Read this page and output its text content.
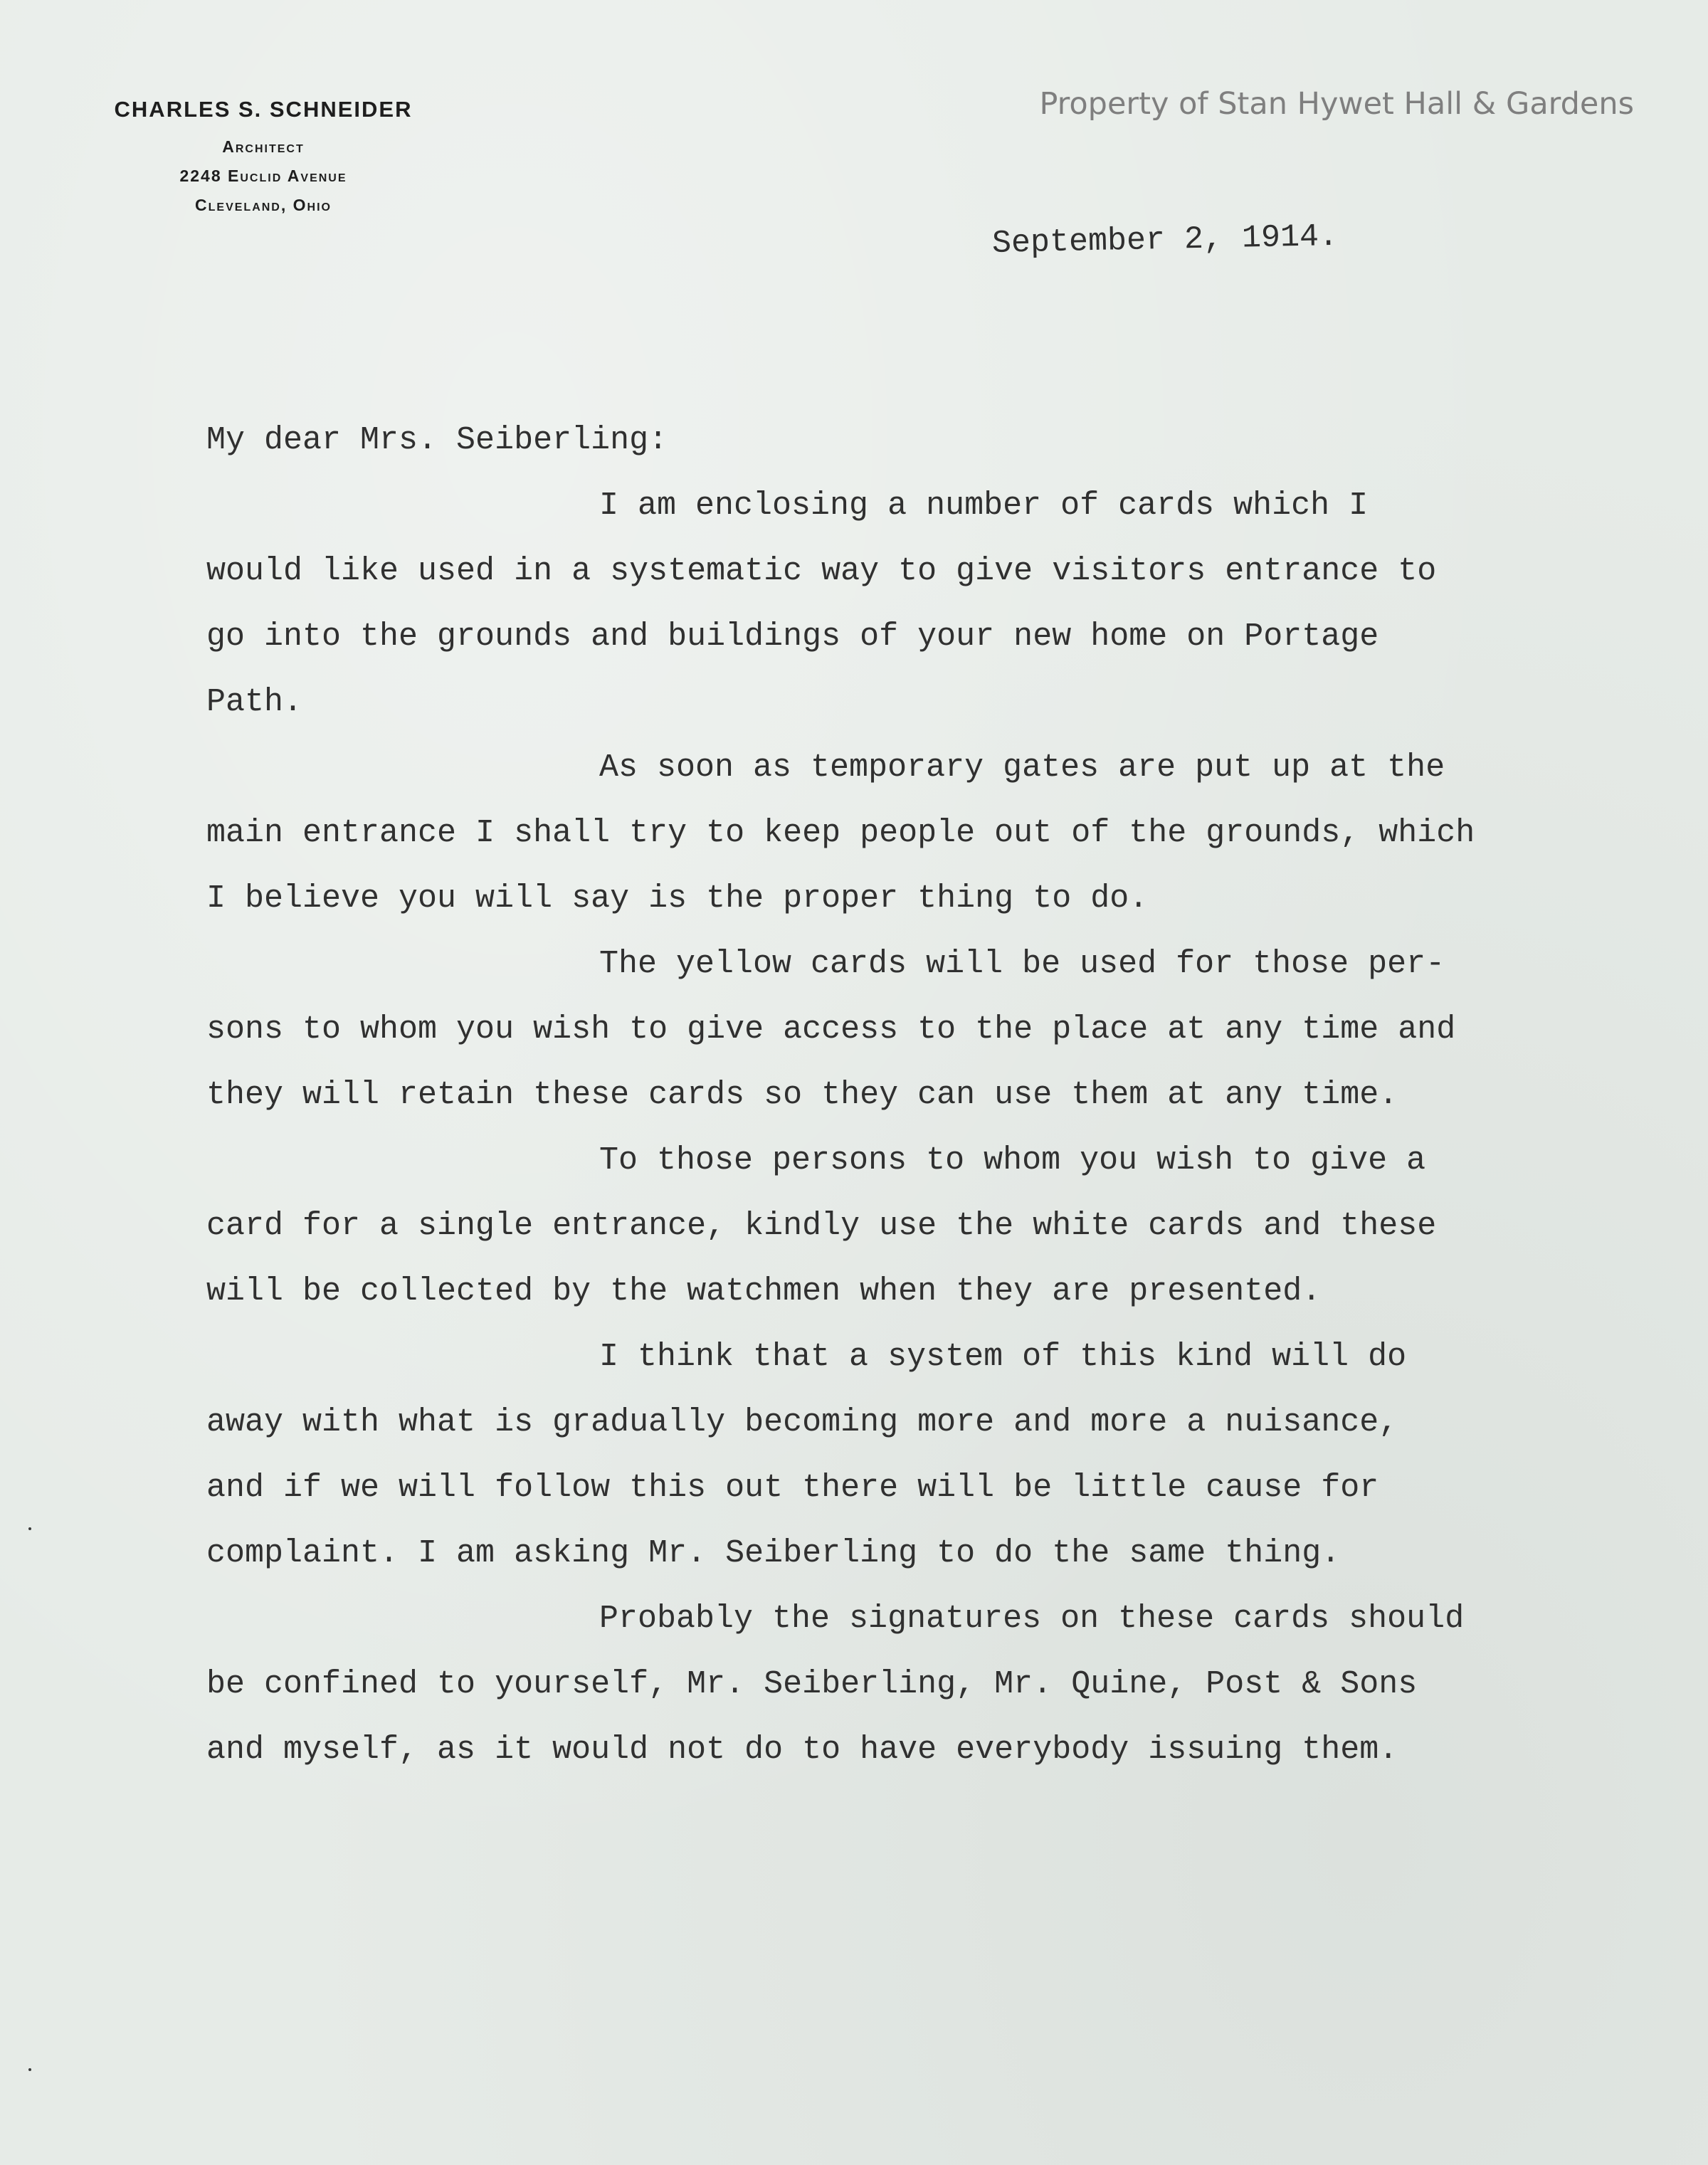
CHARLES S. SCHNEIDER
Architect
2248 Euclid Avenue
Cleveland, Ohio
Property of Stan Hywet Hall & Gardens
September 2, 1914.
My dear Mrs. Seiberling:
I am enclosing a number of cards which I
would like used in a systematic way to give visitors entrance to
go into the grounds and buildings of your new home on Portage
Path.
As soon as temporary gates are put up at the
main entrance I shall try to keep people out of the grounds, which
I believe you will say is the proper thing to do.
The yellow cards will be used for those per-
sons to whom you wish to give access to the place at any time and
they will retain these cards so they can use them at any time.
To those persons to whom you wish to give a
card for a single entrance, kindly use the white cards and these
will be collected by the watchmen when they are presented.
I think that a system of this kind will do
away with what is gradually becoming more and more a nuisance,
and if we will follow this out there will be little cause for
complaint. I am asking Mr. Seiberling to do the same thing.
Probably the signatures on these cards should
be confined to yourself, Mr. Seiberling, Mr. Quine, Post & Sons
and myself, as it would not do to have everybody issuing them.
